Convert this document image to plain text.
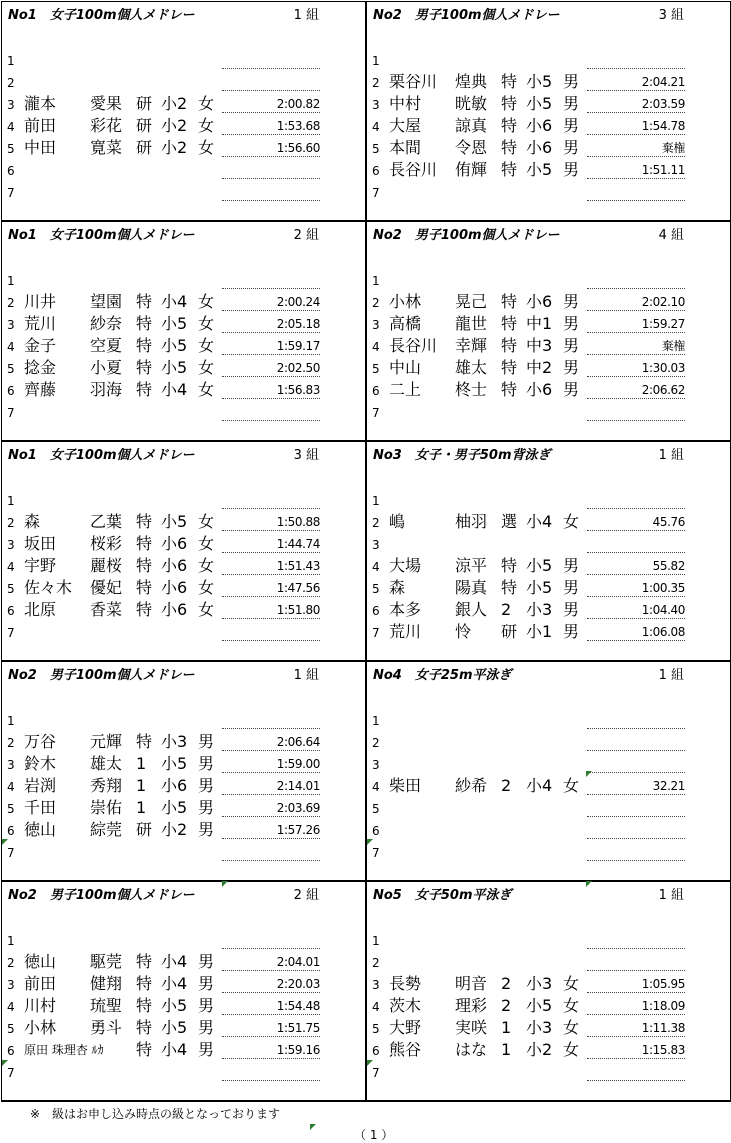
No1　女子100m個人メドレー	1 組
1
2
3 瀧本 愛果 研 小2 女	2:00.82
4 前田 彩花 研 小2 女	1:53.68
5 中田 寛菜 研 小2 女	1:56.60
6
7
No2　男子100m個人メドレー	3 組
1
2 栗谷川 煌典 特 小5 男	2:04.21
3 中村 晄敏 特 小5 男	2:03.59
4 大屋 諒真 特 小6 男	1:54.78
5 本間 令恩 特 小6 男	棄権
6 長谷川 侑輝 特 小5 男	1:51.11
7
No1　女子100m個人メドレー	2 組
1
2 川井 望園 特 小4 女	2:00.24
3 荒川 紗奈 特 小5 女	2:05.18
4 金子 空夏 特 小5 女	1:59.17
5 捻金 小夏 特 小5 女	2:02.50
6 齊藤 羽海 特 小4 女	1:56.83
7
No2　男子100m個人メドレー	4 組
1
2 小林 晃己 特 小6 男	2:02.10
3 高橋 龍世 特 中1 男	1:59.27
4 長谷川 幸輝 特 中3 男	棄権
5 中山 雄太 特 中2 男	1:30.03
6 二上 柊士 特 小6 男	2:06.62
7
No1　女子100m個人メドレー	3 組
1
2 森	乙葉 特 小5 女	1:50.88
3 坂田 桜彩 特 小6 女	1:44.74
4 宇野 麗桜 特 小6 女	1:51.43
5 佐々木 優妃 特 小6 女	1:47.56
6 北原 香菜 特 小6 女	1:51.80
7
No3　女子・男子50m背泳ぎ	1 組
1
2 嶋	柚羽 選 小4 女	45.76
3
4 大場 涼平 特 小5 男	55.82
5 森	陽真 特 小5 男	1:00.35
6 本多 銀人 2 小3 男	1:04.40
7 荒川 怜 研 小1 男	1:06.08
No2　男子100m個人メドレー	1 組
1
2 万谷 元輝 特 小3 男	2:06.64
3 鈴木 雄太 1 小5 男	1:59.00
4 岩渕 秀翔 1 小6 男	2:14.01
5 千田 崇佑 1 小5 男	2:03.69
6 徳山 綜莞 研 小2 男	1:57.26
7
No4　女子25m平泳ぎ	1 組
1
2
3
4 柴田 紗希 2 小4 女	32.21
5
6
7
No2　男子100m個人メドレー	2 組
1
2 徳山 駆莞 特 小4 男	2:04.01
3 前田 健翔 特 小4 男	2:20.03
4 川村 琉聖 特 小5 男	1:54.48
5 小林 勇斗 特 小5 男	1:51.75
6 原田 珠理杏 ﾙｶ 特 小4 男	1:59.16
7
No5　女子50m平泳ぎ	1 組
1
2
3 長勢 明音 2 小3 女	1:05.95
4 茨木 理彩 2 小5 女	1:18.09
5 大野 実咲 1 小3 女	1:11.38
6 熊谷 はな 1 小2 女	1:15.83
7
※　級はお申し込み時点の級となっております
（ 1 ）
